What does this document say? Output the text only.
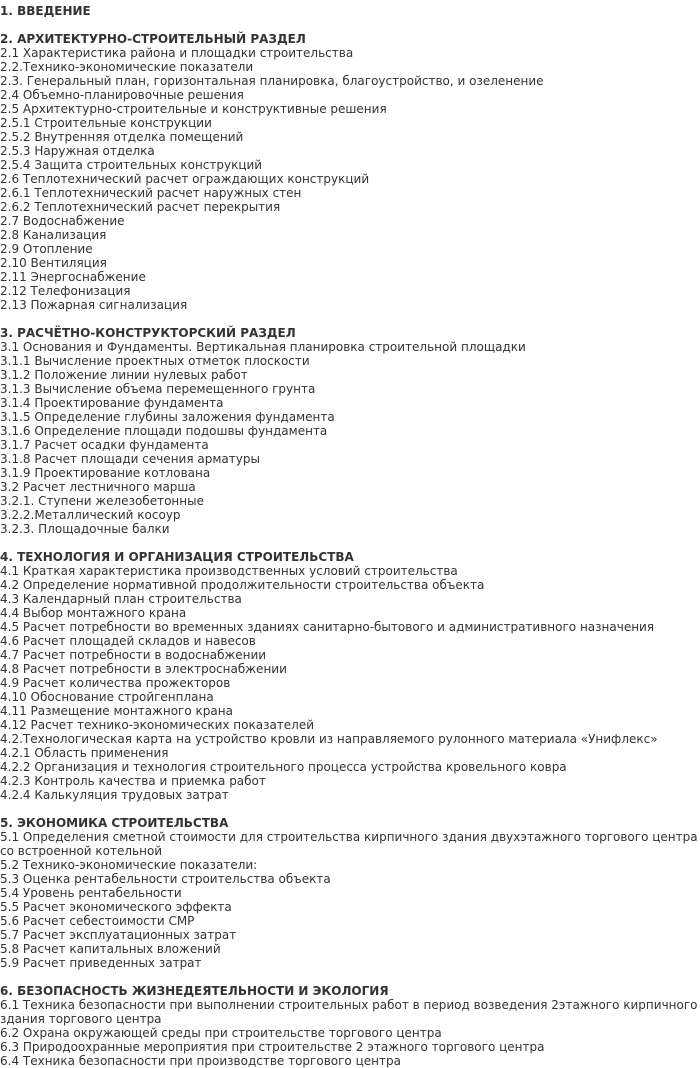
1. ВВЕДЕНИЕ
2. АРХИТЕКТУРНО-СТРОИТЕЛЬНЫЙ РАЗДЕЛ
2.1 Характеристика района и площадки строительства
2.2.Технико-экономические показатели
2.3. Генеральный план, горизонтальная планировка, благоустройство, и озеленение
2.4 Объемно-планировочные решения
2.5 Архитектурно-строительные и конструктивные решения
2.5.1 Строительные конструкции
2.5.2 Внутренняя отделка помещений
2.5.3 Наружная отделка
2.5.4 Защита строительных конструкций
2.6 Теплотехнический расчет ограждающих конструкций
2.6.1 Теплотехнический расчет наружных стен
2.6.2 Теплотехнический расчет перекрытия
2.7 Водоснабжение
2.8 Канализация
2.9 Отопление
2.10 Вентиляция
2.11 Энергоснабжение
2.12 Телефонизация
2.13 Пожарная сигнализация
3. РАСЧЁТНО-КОНСТРУКТОРСКИЙ РАЗДЕЛ
3.1 Основания и Фундаменты. Вертикальная планировка строительной площадки
3.1.1 Вычисление проектных отметок плоскости
3.1.2 Положение линии нулевых работ
3.1.3 Вычисление объема перемещенного грунта
3.1.4 Проектирование фундамента
3.1.5 Определение глубины заложения фундамента
3.1.6 Определение площади подошвы фундамента
3.1.7 Расчет осадки фундамента
3.1.8 Расчет площади сечения арматуры
3.1.9 Проектирование котлована
3.2 Расчет лестничного марша
3.2.1. Ступени железобетонные
3.2.2.Металлический косоур
3.2.3. Площадочные балки
4. ТЕХНОЛОГИЯ И ОРГАНИЗАЦИЯ СТРОИТЕЛЬСТВА
4.1 Краткая характеристика производственных условий строительства
4.2 Определение нормативной продолжительности строительства объекта
4.3 Календарный план строительства
4.4 Выбор монтажного крана
4.5 Расчет потребности во временных зданиях санитарно-бытового и административного назначения
4.6 Расчет площадей складов и навесов
4.7 Расчет потребности в водоснабжении
4.8 Расчет потребности в электроснабжении
4.9 Расчет количества прожекторов
4.10 Обоснование стройгенплана
4.11 Размещение монтажного крана
4.12 Расчет технико-экономических показателей
4.2.Технологическая карта на устройство кровли из направляемого рулонного материала «Унифлекс»
4.2.1 Область применения
4.2.2 Организация и технология строительного процесса устройства кровельного ковра
4.2.3 Контроль качества и приемка работ
4.2.4 Калькуляция трудовых затрат
5. ЭКОНОМИКА СТРОИТЕЛЬСТВА
5.1 Определения сметной стоимости для строительства кирпичного здания двухэтажного торгового центра со встроенной котельной
5.2 Технико-экономические показатели:
5.3 Оценка рентабельности строительства объекта
5.4 Уровень рентабельности
5.5 Расчет экономического эффекта
5.6 Расчет себестоимости СМР
5.7 Расчет эксплуатационных затрат
5.8 Расчет капитальных вложений
5.9 Расчет приведенных затрат
6. БЕЗОПАСНОСТЬ ЖИЗНЕДЕЯТЕЛЬНОСТИ И ЭКОЛОГИЯ
6.1 Техника безопасности при выполнении строительных работ в период возведения 2этажного кирпичного здания торгового центра
6.2 Охрана окружающей среды при строительстве торгового центра
6.3 Природоохранные мероприятия при строительстве 2 этажного торгового центра
6.4 Техника безопасности при производстве торгового центра
